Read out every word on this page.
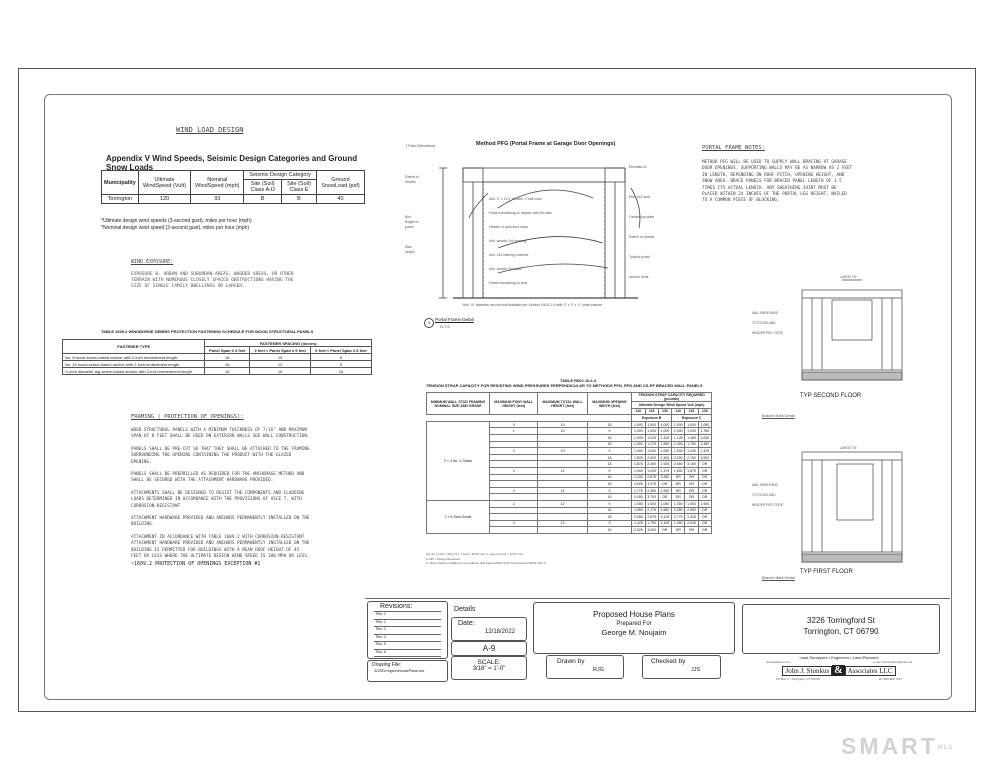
WIND LOAD DESIGN
Appendix V Wind Speeds, Seismic Design Categories and Ground Snow Loads
Municipality	Ultimate WindSpeed (Vult)	Nominal WindSpeed (mph)	Seismic Design Category		Ground SnowLoad (psf)
			Site (Soil) Class A-D	Site (Soil) Class E	
Torrington	120	93	B	B	40
*Ultimate design wind speeds (3-second gust), miles per hour (mph)
*Nominal design wind speed (3-second gust), miles per hour (mph)
WIND EXPOSURE:
EXPOSURE B- URBAN AND SUBURBAN AREAS, WOODED AREAS, OR OTHER TERRAIN WITH NUMEROUS CLOSELY SPACED OBSTRUCTIONS HAVING THE SIZE OF SINGLE FAMILY DWELLINGS OR LARGER.
TABLE 1609.2 WINDBORNE DEBRIS PROTECTION FASTENING SCHEDULE FOR WOOD STRUCTURAL PANELS
FASTENER TYPE	FASTENER SPACING (inches)		
	Panel Span ≤ 4 feet	4 feet < Panel Span ≤ 6 feet	6 feet < Panel Span ≤ 8 feet
No. 8 wood-screw-based anchor with 2-inch embedment length	16	10	8
No. 10 wood-screw-based anchor with 2-inch embedment length	16	12	9
¼-inch diameter lag-screw-based anchor with 2-inch embedment length	16	16	16
FRAMING ( PROTECTION OF OPENINGS):
WOOD STRUCTURAL PANELS WITH A MINIMUM THICKNESS OF 7/16" AND MAXIMUM SPAN OF 8 FEET SHALL BE USED ON EXTERIOR WALLS SEE WALL CONSTRUCTION.
PANELS SHALL BE PRE-CUT SO THAT THEY SHALL BE ATTACHED TO THE FRAMING SURROUNDING THE OPENING CONTAINING THE PRODUCT WITH THE GLAZED OPENING.
PANELS SHALL BE PREDRILLED AS REQUIRED FOR THE ANCHORAGE METHOD AND SHALL BE SECURED WITH THE ATTACHMENT HARDWARE PROVIDED.
ATTACHMENTS SHALL BE DESIGNED TO RESIST THE COMPONENTS AND CLADDING LOADS DETERMINED IN ACCORDANCE WITH THE PROVISIONS OF ASCE 7, WITH CORROSION-RESISTANT
ATTACHMENT HARDWARE PROVIDED AND ANCHORS PERMANENTLY INSTALLED ON THE BUILDING.
ATTACHMENT IN ACCORDANCE WITH TABLE 1609.2 WITH CORROSION-RESISTANT ATTACHMENT HARDWARE PROVIDED AND ANCHORS PERMANENTLY INSTALLED ON THE BUILDING IS PERMITTED FOR BUILDINGS WITH A MEAN ROOF HEIGHT OF 45 FEET OR LESS WHERE THE ULTIMATE DESIGN WIND SPEED IS 180 MPH OR LESS.
~1609.2 PROTECTION OF OPENINGS EXCEPTION #1
Method PFG (Portal Frame at Garage Door Openings)
(Third Elevation)
Extent of
header
Min.
length of
panel
Max.
height
Min. 3" x 11¼" header, 2 nail rows
Fasten sheathing to header with 8d nails
Header to jack stud strap
Min. double 2x4 framing
Min. 2x4 framing covered
Min. double 2x4 post
Fasten sheathing to post
Elevation A
Min. 2x4 stud
Fasten top plate
Extent of header
Typical portal
Anchor bolts
Min. ½" diameter anchor bolt installed per Section R403.1.6 with 3" x 3" x ¼" plate washer
4
Portal Frame Detail
N.T.S
PORTAL FRAME NOTES:
METHOD PFG WILL BE USED TO SUPPLY WALL BRACING AT GARAGE DOOR OPENINGS. SUPPORTING WALLS MAY BE AS NARROW AS 2 FEET IN LENGTH, DEPENDING ON ROOF PITCH, OPENING HEIGHT, AND SNOW AREA. BRACE PANELS FOR BRACED PANEL LENGTH OF 1.5 TIMES ITS ACTUAL LENGTH. ANY SHEATHING JOINT MUST BE PLACED WITHIN 24 INCHES OF THE PORTAL LEG HEIGHT, NAILED TO A COMMON PIECE OF BLOCKING.
TABLE R602.10.6.4
TENSION STRAP CAPACITY FOR RESISTING WIND PRESSURES PERPENDICULAR TO METHODS PFH, PFG AND CS-PF BRACED WALL PANELS
MINIMUM WALL STUD FRAMING NOMINAL SIZE AND GRADE	MAXIMUM PONY WALL HEIGHT (feet)	MAXIMUM TOTAL WALL HEIGHT (feet)	MAXIMUM OPENING WIDTH (feet)	TENSION STRAP CAPACITY REQUIRED (pounds)					
				Ultimate Design Wind Speed Vult (mph)					
				110	115	130	110	115	130
				Exposure B			Exposure C		
2 × 4 No. 2 Grade	0	10	18	1,000	1,000	1,000	1,000	1,000	1,050
	1	10	9	1,000	1,000	1,000	1,000	1,000	1,750
			16	1,000	1,025	1,325	1,125	1,450	2,050
			18	1,000	1,275	1,550	1,400	1,750	2,450
	2	10	9	1,000	1,000	1,000	1,000	1,000	1,325
			16	1,525	2,000	2,450	2,200	2,750	3,500
			18	1,875	2,400	2,925	2,650	3,150	DR
	2	12	9	1,000	1,200	1,475	1,500	1,875	DR
			16	2,200	2,875	3,550	DR	DR	DR
			18	2,625	3,375	DR	DR	DR	DR
	4	12	9	1,775	2,350	2,900	DR	DR	DR
			16	3,000	3,700	DR	DR	DR	DR
2 × 6 Stud Grade	2	12	9	1,000	1,000	1,050	1,000	1,000	1,900
			16	1,650	2,175	2,650	2,350	2,950	DR
			18	2,050	2,575	3,125	2,775	3,325	DR
	4	12	9	1,425	1,750	2,100	1,950	2,525	DR
			16	2,525	3,000	DR	DR	DR	DR
For SI: 1 inch = 25.4 mm, 1 foot = 304.8 mm, 1 mile per hour = 0.447 m/s.
a. DR = Design Required.
b. Strap shall be installed in accordance with Figure R602.10.6.4 and Section R602.10.6.4.
NAIL SHEATHING
TO STUDS AND
HEADER PER CODE
LARGE TIE
TYP SECOND FLOOR
Braced Wall Detail
NAIL SHEATHING
TO STUDS AND
HEADER PER CODE
LARGE TIE
TYP FIRST FLOOR
Braced Wall Detail
Revisions:
Rev. 1
Rev. 2
Rev. 3
Rev. 4
Rev. 5
Rev. 6
Drawing File:
3226TorringfordHousePlans.vwx
Details
Date:
12/18/2022
A-9
SCALE:
3/16" = 1'-0"
Proposed House Plans
Prepared For
George M. Noujaim
Drawn by
RJG
Checked by
JJS
3226 Torringford St
Torrington, CT 06790
Land Surveyors • Engineers • Land Planners
www.jjsassoc.com	email: johnstonkus@snet.net
John J. Stonkus & Associates LLC
PO Box 1 • Torrington, CT 06790	tel. 860.283.7797
SMARTMLS
